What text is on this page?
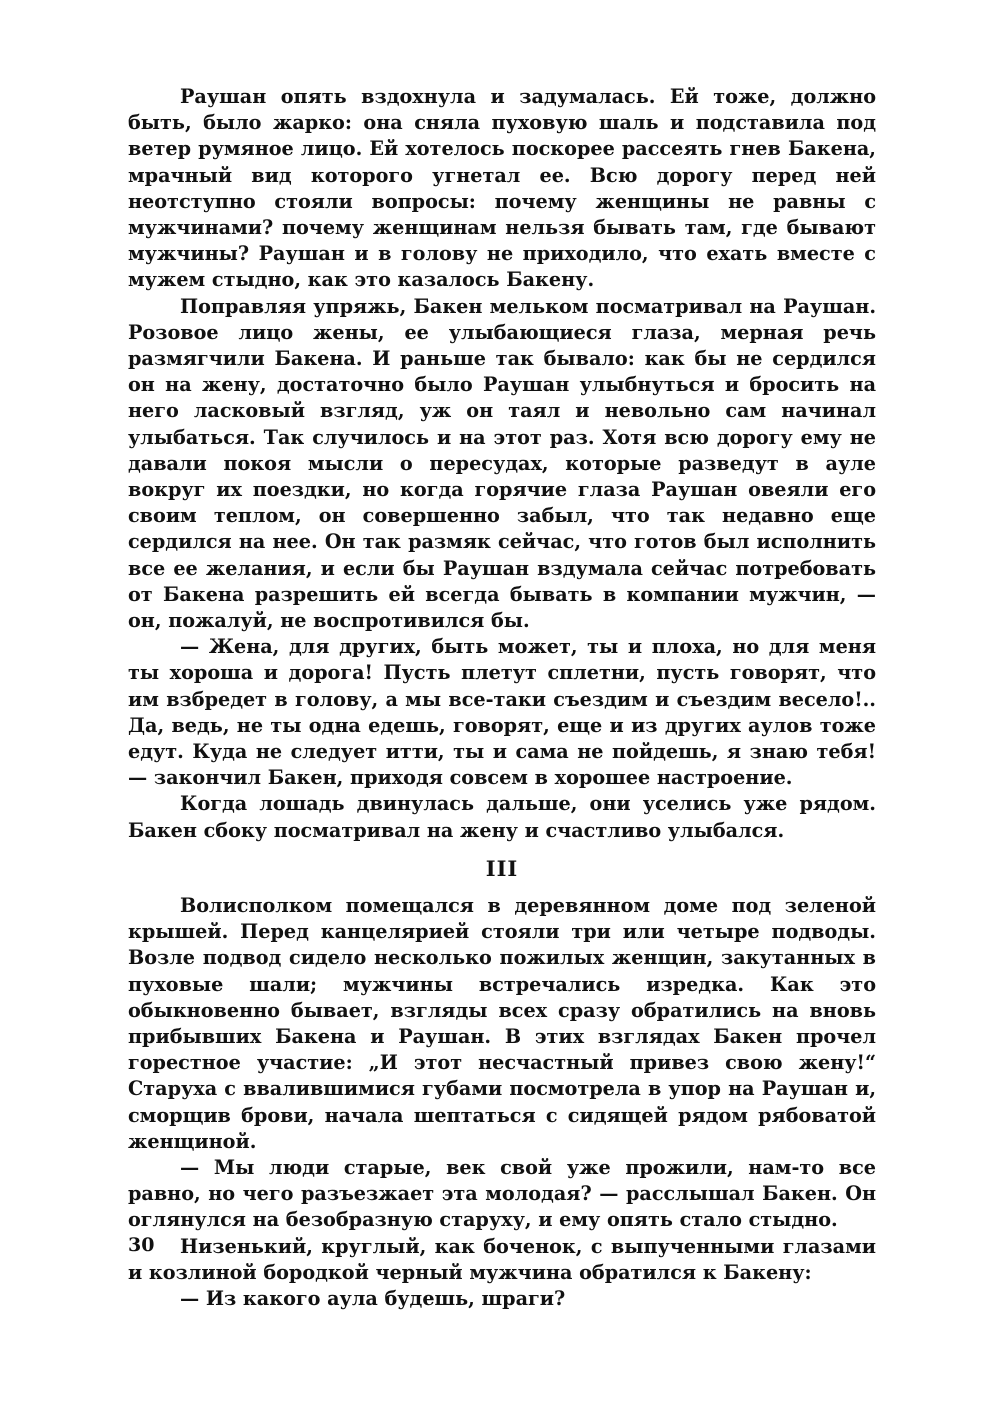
Раушан опять вздохнула и задумалась. Ей тоже, должно быть, было жарко: она сняла пуховую шаль и подставила под ветер румяное лицо. Ей хотелось поскорее рассеять гнев Бакена, мрачный вид которого угнетал ее. Всю дорогу перед ней неотступно стояли вопросы: почему женщины не равны с мужчинами? почему женщинам нельзя бывать там, где бывают мужчины? Раушан и в голову не приходило, что ехать вместе с мужем стыдно, как это казалось Бакену.

Поправляя упряжь, Бакен мельком посматривал на Раушан. Розовое лицо жены, ее улыбающиеся глаза, мерная речь размягчили Бакена. И раньше так бывало: как бы не сердился он на жену, достаточно было Раушан улыбнуться и бросить на него ласковый взгляд, уж он таял и невольно сам начинал улыбаться. Так случилось и на этот раз. Хотя всю дорогу ему не давали покоя мысли о пересудах, которые разведут в ауле вокруг их поездки, но когда горячие глаза Раушан овеяли его своим теплом, он совершенно забыл, что так недавно еще сердился на нее. Он так размяк сейчас, что готов был исполнить все ее желания, и если бы Раушан вздумала сейчас потребовать от Бакена разрешить ей всегда бывать в компании мужчин, — он, пожалуй, не воспротивился бы.

— Жена, для других, быть может, ты и плоха, но для меня ты хороша и дорога! Пусть плетут сплетни, пусть говорят, что им взбредет в голову, а мы все-таки съездим и съездим весело!.. Да, ведь, не ты одна едешь, говорят, еще и из других аулов тоже едут. Куда не следует итти, ты и сама не пойдешь, я знаю тебя! — закончил Бакен, приходя совсем в хорошее настроение.

Когда лошадь двинулась дальше, они уселись уже рядом. Бакен сбоку посматривал на жену и счастливо улыбался.

III

Волисполком помещался в деревянном доме под зеленой крышей. Перед канцелярией стояли три или четыре подводы. Возле подвод сидело несколько пожилых женщин, закутанных в пуховые шали; мужчины встречались изредка. Как это обыкновенно бывает, взгляды всех сразу обратились на вновь прибывших Бакена и Раушан. В этих взглядах Бакен прочел горестное участие: „И этот несчастный привез свою жену!“ Старуха с ввалившимися губами посмотрела в упор на Раушан и, сморщив брови, начала шептаться с сидящей рядом рябоватой женщиной.

— Мы люди старые, век свой уже прожили, нам-то все равно, но чего разъезжает эта молодая? — расслышал Бакен. Он оглянулся на безобразную старуху, и ему опять стало стыдно.

Низенький, круглый, как боченок, с выпученными глазами и козлиной бородкой черный мужчина обратился к Бакену:

— Из какого аула будешь, шраги?

30
